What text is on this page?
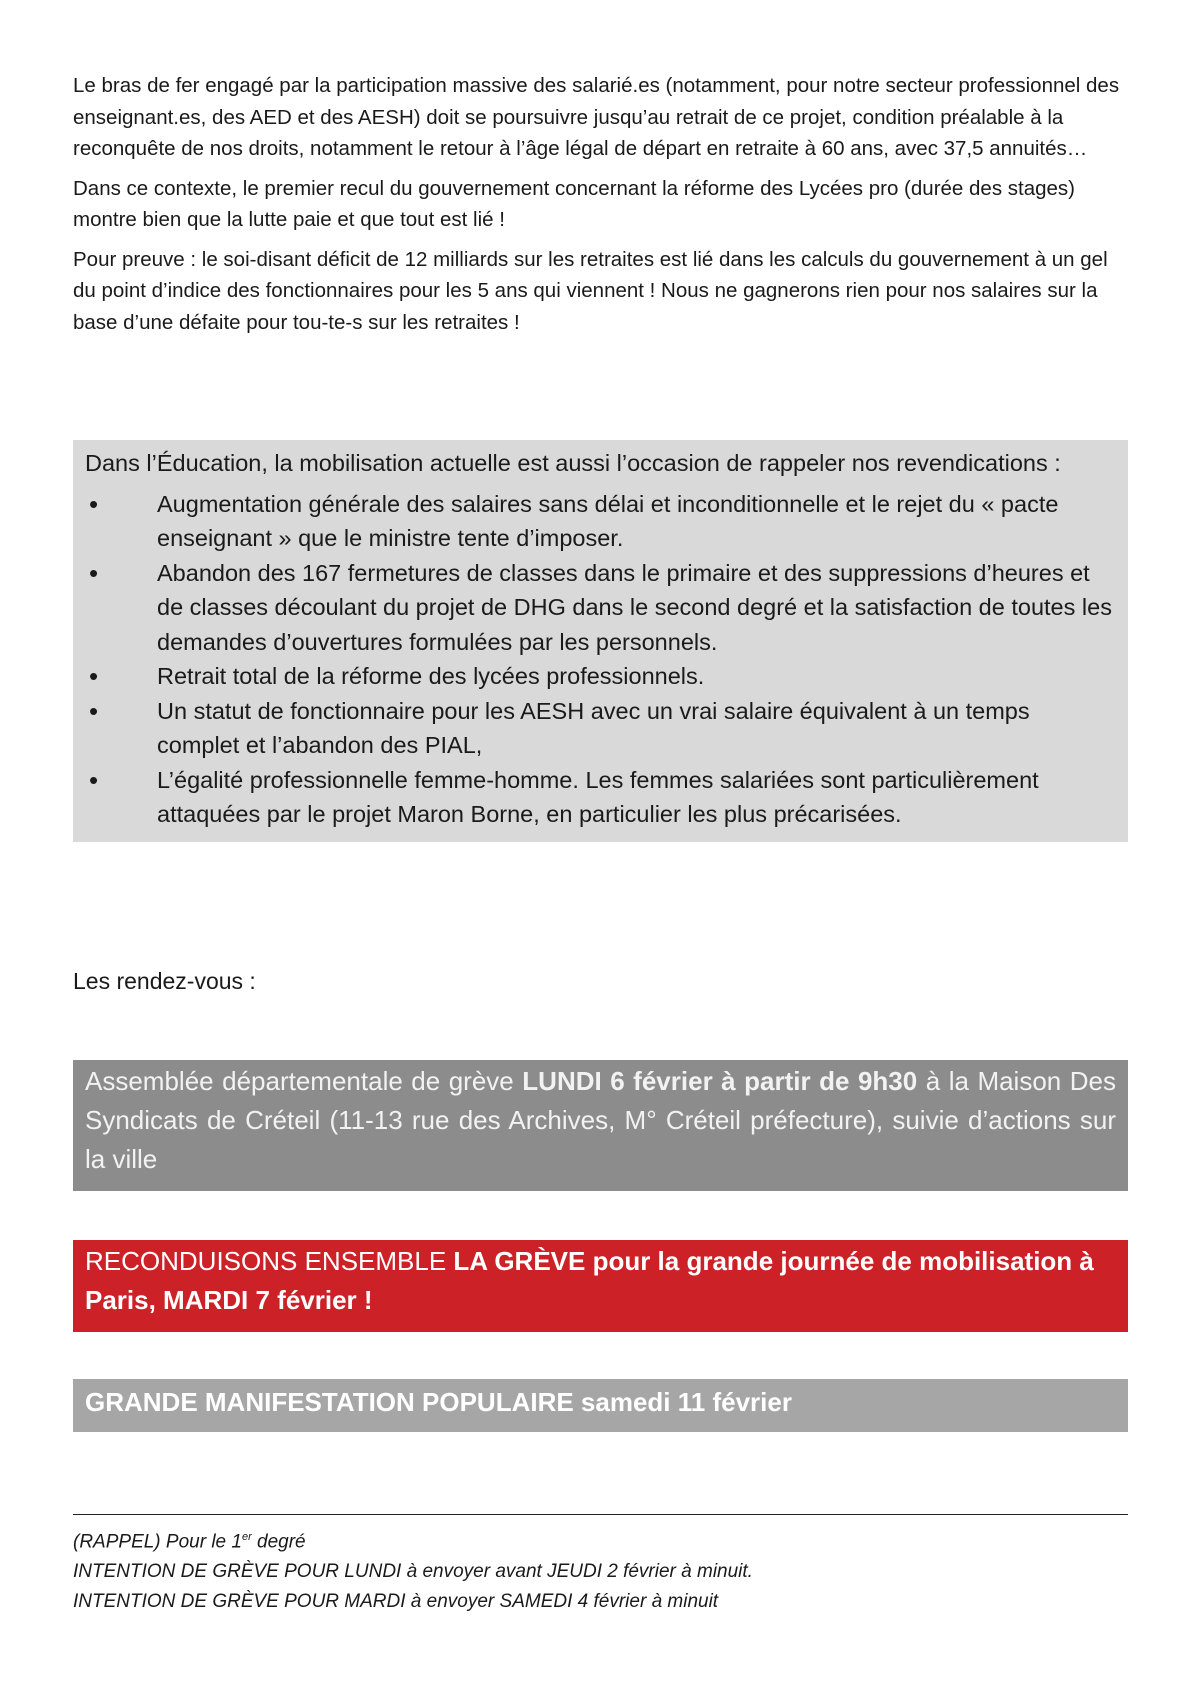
Le bras de fer engagé par la participation massive des salarié.es (notamment, pour notre secteur professionnel des enseignant.es, des AED et des AESH) doit se poursuivre jusqu’au retrait de ce projet, condition préalable à la reconquête de nos droits, notamment le retour à l’âge légal de départ en retraite à 60 ans, avec 37,5 annuités…

Dans ce contexte, le premier recul du gouvernement concernant la réforme des Lycées pro (durée des stages) montre bien que la lutte paie et que tout est lié !

Pour preuve : le soi-disant déficit de 12 milliards sur les retraites est lié dans les calculs du gouvernement à un gel du point d’indice des fonctionnaires pour les 5 ans qui viennent ! Nous ne gagnerons rien pour nos salaires sur la base d’une défaite pour tou-te-s sur les retraites !

Dans l’Éducation, la mobilisation actuelle est aussi l’occasion de rappeler nos revendications :

•	Augmentation générale des salaires sans délai et inconditionnelle et le rejet du « pacte enseignant » que le ministre tente d’imposer.
•	Abandon des 167 fermetures de classes dans le primaire et des suppressions d’heures et de classes découlant du projet de DHG dans le second degré et la satisfaction de toutes les demandes d’ouvertures formulées par les personnels.
•	Retrait total de la réforme des lycées professionnels.
•	Un statut de fonctionnaire pour les AESH avec un vrai salaire équivalent à un temps complet et l’abandon des PIAL,
•	L’égalité professionnelle femme-homme. Les femmes salariées sont particulièrement attaquées par le projet Maron Borne, en particulier les plus précarisées.
Les rendez-vous :
Assemblée départementale de grève LUNDI 6 février à partir de 9h30 à la Maison Des Syndicats de Créteil (11-13 rue des Archives, M° Créteil préfecture), suivie d’actions sur la ville
RECONDUISONS ENSEMBLE LA GRÈVE pour la grande journée de mobilisation à Paris, MARDI 7 février !
GRANDE MANIFESTATION POPULAIRE samedi 11 février
(RAPPEL) Pour le 1er degré
INTENTION DE GRÈVE POUR LUNDI à envoyer avant JEUDI 2 février à minuit.
INTENTION DE GRÈVE POUR MARDI à envoyer SAMEDI 4 février à minuit
